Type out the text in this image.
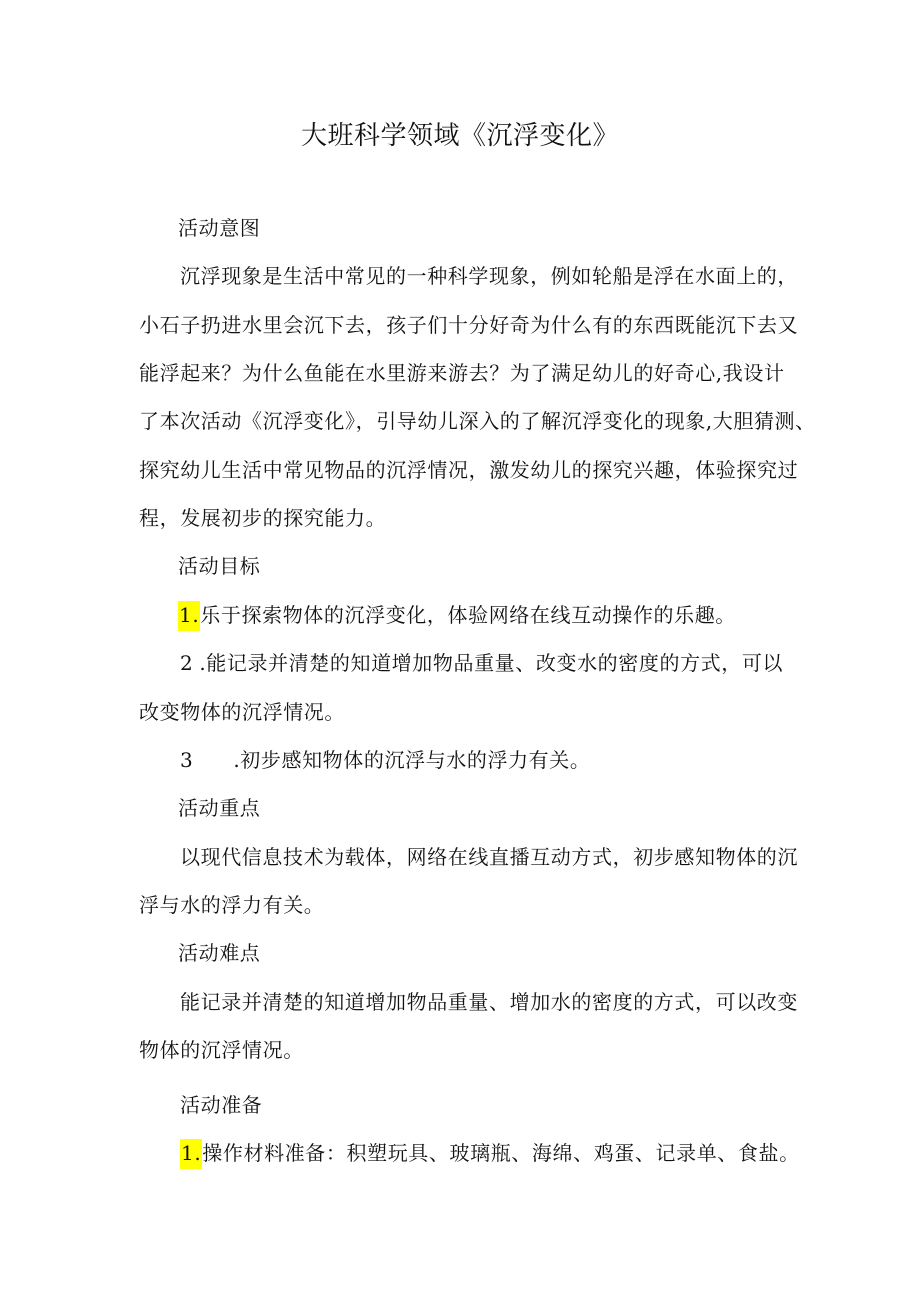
大班科学领域《沉浮变化》
活动意图
沉浮现象是生活中常见的一种科学现象，例如轮船是浮在水面上的，
小石子扔进水里会沉下去，孩子们十分好奇为什么有的东西既能沉下去又
能浮起来？为什么鱼能在水里游来游去？为了满足幼儿的好奇心,我设计
了本次活动《沉浮变化》，引导幼儿深入的了解沉浮变化的现象,大胆猜测、
探究幼儿生活中常见物品的沉浮情况，激发幼儿的探究兴趣，体验探究过
程，发展初步的探究能力。
活动目标
1.乐于探索物体的沉浮变化，体验网络在线互动操作的乐趣。
2 .能记录并清楚的知道增加物品重量、改变水的密度的方式，可以
改变物体的沉浮情况。
3 .初步感知物体的沉浮与水的浮力有关。
活动重点
以现代信息技术为载体，网络在线直播互动方式，初步感知物体的沉
浮与水的浮力有关。
活动难点
能记录并清楚的知道增加物品重量、增加水的密度的方式，可以改变
物体的沉浮情况。
活动准备
1.操作材料准备：积塑玩具、玻璃瓶、海绵、鸡蛋、记录单、食盐。
